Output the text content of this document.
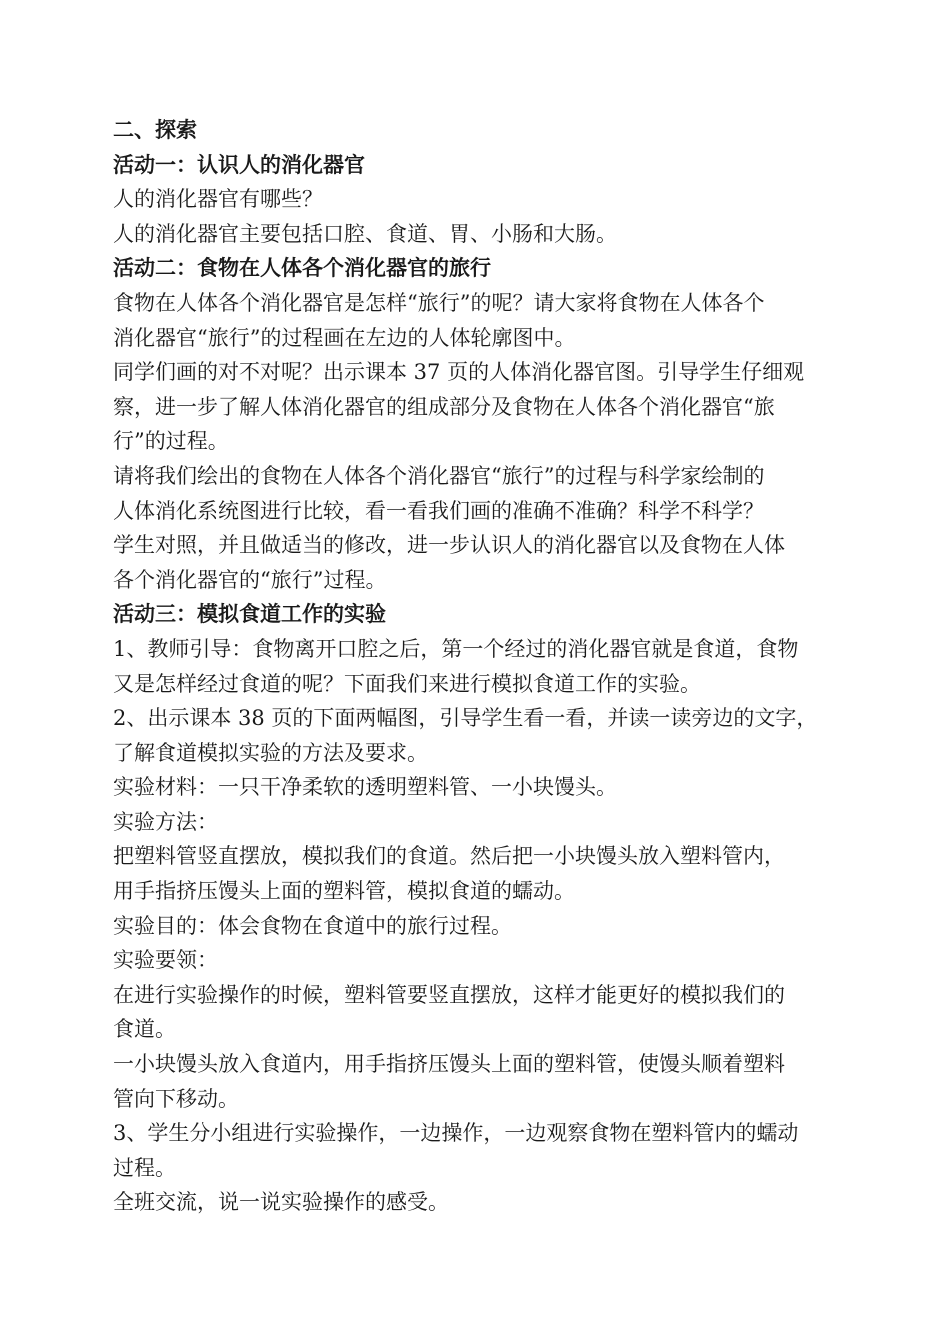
二、探索
活动一：认识人的消化器官
人的消化器官有哪些？
人的消化器官主要包括口腔、食道、胃、小肠和大肠。
活动二：食物在人体各个消化器官的旅行
食物在人体各个消化器官是怎样“旅行”的呢？请大家将食物在人体各个
消化器官“旅行”的过程画在左边的人体轮廓图中。
同学们画的对不对呢？出示课本 37 页的人体消化器官图。引导学生仔细观
察，进一步了解人体消化器官的组成部分及食物在人体各个消化器官“旅
行”的过程。
请将我们绘出的食物在人体各个消化器官“旅行”的过程与科学家绘制的
人体消化系统图进行比较，看一看我们画的准确不准确？科学不科学？
学生对照，并且做适当的修改，进一步认识人的消化器官以及食物在人体
各个消化器官的“旅行”过程。
活动三：模拟食道工作的实验
1、教师引导：食物离开口腔之后，第一个经过的消化器官就是食道，食物
又是怎样经过食道的呢？下面我们来进行模拟食道工作的实验。
2、出示课本 38 页的下面两幅图，引导学生看一看，并读一读旁边的文字，
了解食道模拟实验的方法及要求。
实验材料：一只干净柔软的透明塑料管、一小块馒头。
实验方法：
把塑料管竖直摆放，模拟我们的食道。然后把一小块馒头放入塑料管内，
用手指挤压馒头上面的塑料管，模拟食道的蠕动。
实验目的：体会食物在食道中的旅行过程。
实验要领：
在进行实验操作的时候，塑料管要竖直摆放，这样才能更好的模拟我们的
食道。
一小块馒头放入食道内，用手指挤压馒头上面的塑料管，使馒头顺着塑料
管向下移动。
3、学生分小组进行实验操作，一边操作，一边观察食物在塑料管内的蠕动
过程。
全班交流，说一说实验操作的感受。
